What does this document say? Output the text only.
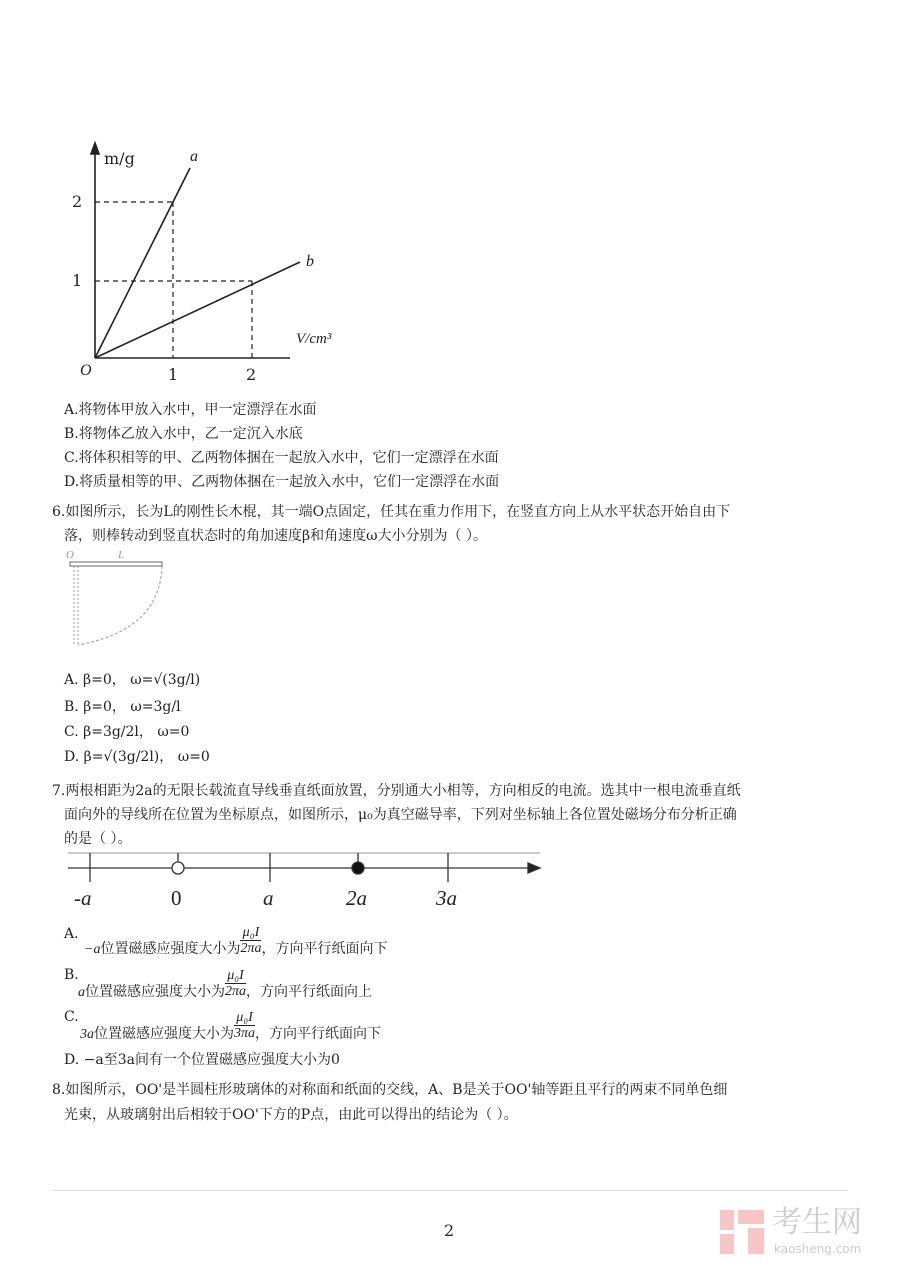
m/g
V/cm³
O
2
1
1	2
a
b
A.将物体甲放入水中，甲一定漂浮在水面
B.将物体乙放入水中，乙一定沉入水底
C.将体积相等的甲、乙两物体捆在一起放入水中，它们一定漂浮在水面
D.将质量相等的甲、乙两物体捆在一起放入水中，它们一定漂浮在水面
6.如图所示，长为L的刚性长木棍，其一端O点固定，任其在重力作用下，在竖直方向上从水平状态开始自由下
落，则棒转动到竖直状态时的角加速度β和角速度ω大小分别为（ ）。
O	L
A. β=0， ω=√(3g/l)
B. β=0， ω=3g/l
C. β=3g/2l， ω=0
D. β=√(3g/2l)， ω=0
7.两根相距为2a的无限长载流直导线垂直纸面放置，分别通大小相等，方向相反的电流。选其中一根电流垂直纸
面向外的导线所在位置为坐标原点，如图所示，μ₀为真空磁导率，下列对坐标轴上各位置处磁场分布分析正确
的是（ ）。
-a	0	a	2a	3a
A.
−a位置磁感应强度大小为 $\frac{\text{μ₀I}}{2\pi a}$ ，方向平行纸面向下
B.
a位置磁感应强度大小为 $\frac{\text{μ₀I}}{2\pi a}$ ，方向平行纸面向上
C.
3a位置磁感应强度大小为 $\frac{\text{μ₀I}}{3\pi a}$ ，方向平行纸面向下
D. −a至3a间有一个位置磁感应强度大小为0
8.如图所示，OO'是半圆柱形玻璃体的对称面和纸面的交线，A、B是关于OO'轴等距且平行的两束不同单色细
光束，从玻璃射出后相较于OO'下方的P点，由此可以得出的结论为（ ）。
2	考生网
kaosheng.com
